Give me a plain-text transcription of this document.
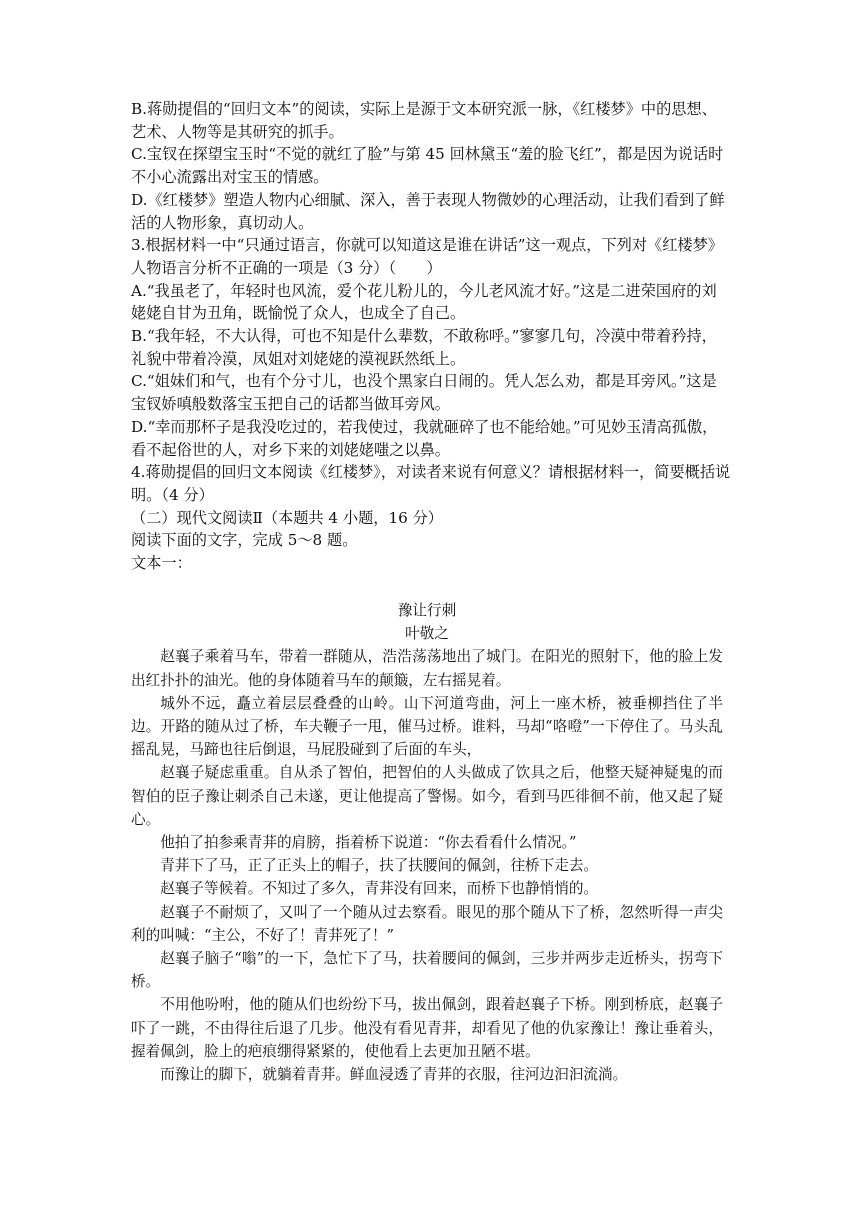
B.蒋勋提倡的“回归文本”的阅读，实际上是源于文本研究派一脉，《红楼梦》中的思想、艺术、人物等是其研究的抓手。

C.宝钗在探望宝玉时“不觉的就红了脸”与第 45 回林黛玉“羞的脸飞红”，都是因为说话时不小心流露出对宝玉的情感。

D.《红楼梦》塑造人物内心细腻、深入，善于表现人物微妙的心理活动，让我们看到了鲜活的人物形象，真切动人。

3.根据材料一中“只通过语言，你就可以知道这是谁在讲话”这一观点，下列对《红楼梦》人物语言分析不正确的一项是（3 分）（　　）

A.“我虽老了，年轻时也风流，爱个花儿粉儿的，今儿老风流才好。”这是二进荣国府的刘姥姥自甘为丑角，既愉悦了众人，也成全了自己。

B.“我年轻，不大认得，可也不知是什么辈数，不敢称呼。”寥寥几句，冷漠中带着矜持，礼貌中带着冷漠，凤姐对刘姥姥的漠视跃然纸上。

C.“姐妹们和气，也有个分寸儿，也没个黑家白日闹的。凭人怎么劝，都是耳旁风。”这是宝钗娇嗔般数落宝玉把自己的话都当做耳旁风。

D.“幸而那杯子是我没吃过的，若我使过，我就砸碎了也不能给她。”可见妙玉清高孤傲，看不起俗世的人，对乡下来的刘姥姥嗤之以鼻。

4.蒋勋提倡的回归文本阅读《红楼梦》，对读者来说有何意义？请根据材料一，简要概括说明。（4 分）

（二）现代文阅读Ⅱ（本题共 4 小题，16 分）

阅读下面的文字，完成 5～8 题。

文本一：

豫让行刺

叶敬之

赵襄子乘着马车，带着一群随从，浩浩荡荡地出了城门。在阳光的照射下，他的脸上发出红扑扑的油光。他的身体随着马车的颠簸，左右摇晃着。

城外不远，矗立着层层叠叠的山岭。山下河道弯曲，河上一座木桥，被垂柳挡住了半边。开路的随从过了桥，车夫鞭子一甩，催马过桥。谁料，马却“咯噔”一下停住了。马头乱摇乱晃，马蹄也往后倒退，马屁股碰到了后面的车头，

赵襄子疑虑重重。自从杀了智伯，把智伯的人头做成了饮具之后，他整天疑神疑鬼的而智伯的臣子豫让刺杀自己未遂，更让他提高了警惕。如今，看到马匹徘徊不前，他又起了疑心。

他拍了拍参乘青荓的肩膀，指着桥下说道：“你去看看什么情况。”

青荓下了马，正了正头上的帽子，扶了扶腰间的佩剑，往桥下走去。

赵襄子等候着。不知过了多久，青荓没有回来，而桥下也静悄悄的。

赵襄子不耐烦了，又叫了一个随从过去察看。眼见的那个随从下了桥，忽然听得一声尖利的叫喊：“主公，不好了！青荓死了！”

赵襄子脑子“嗡”的一下，急忙下了马，扶着腰间的佩剑，三步并两步走近桥头，拐弯下桥。

不用他吩咐，他的随从们也纷纷下马，拔出佩剑，跟着赵襄子下桥。刚到桥底，赵襄子吓了一跳，不由得往后退了几步。他没有看见青荓，却看见了他的仇家豫让！豫让垂着头，握着佩剑，脸上的疤痕绷得紧紧的，使他看上去更加丑陋不堪。

而豫让的脚下，就躺着青荓。鲜血浸透了青荓的衣服，往河边汩汩流淌。
